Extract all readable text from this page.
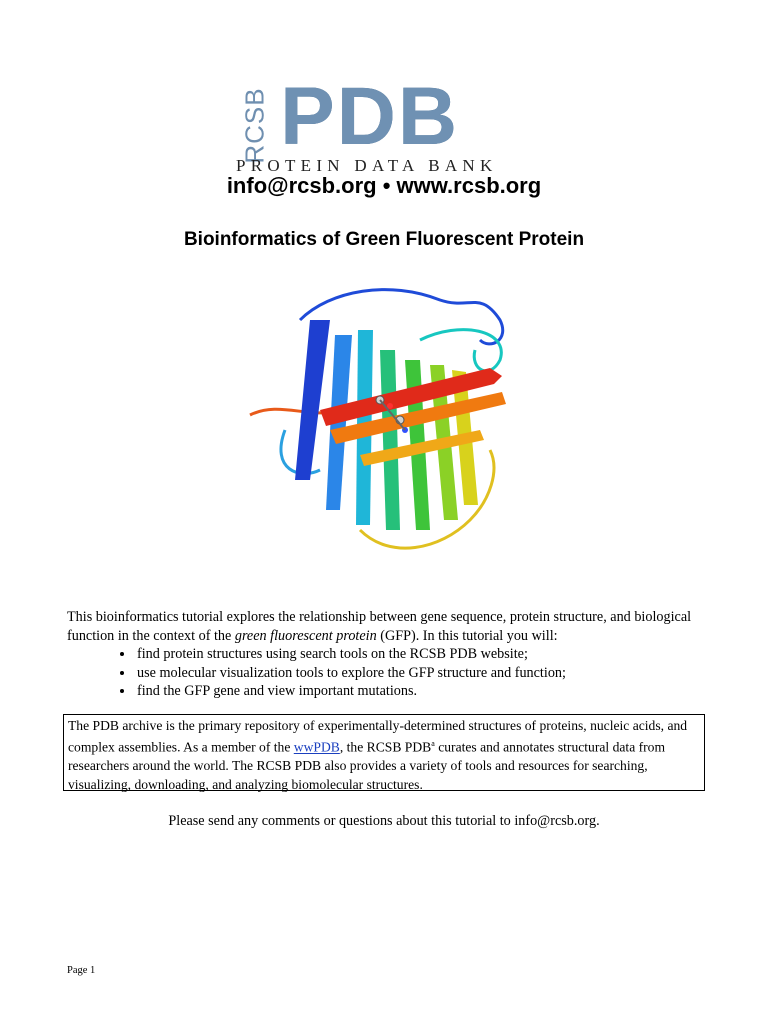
RCSB PDB
PROTEIN DATA BANK
info@rcsb.org • www.rcsb.org
Bioinformatics of Green Fluorescent Protein

This bioinformatics tutorial explores the relationship between gene sequence, protein structure, and biological function in the context of the green fluorescent protein (GFP). In this tutorial you will:

• find protein structures using search tools on the RCSB PDB website;
• use molecular visualization tools to explore the GFP structure and function;
• find the GFP gene and view important mutations.
The PDB archive is the primary repository of experimentally-determined structures of proteins, nucleic acids, and complex assemblies. As a member of the wwPDB, the RCSB PDB$^a$ curates and annotates structural data from researchers around the world. The RCSB PDB also provides a variety of tools and resources for searching, visualizing, downloading, and analyzing biomolecular structures.
Please send any comments or questions about this tutorial to info@rcsb.org.
Page 1
